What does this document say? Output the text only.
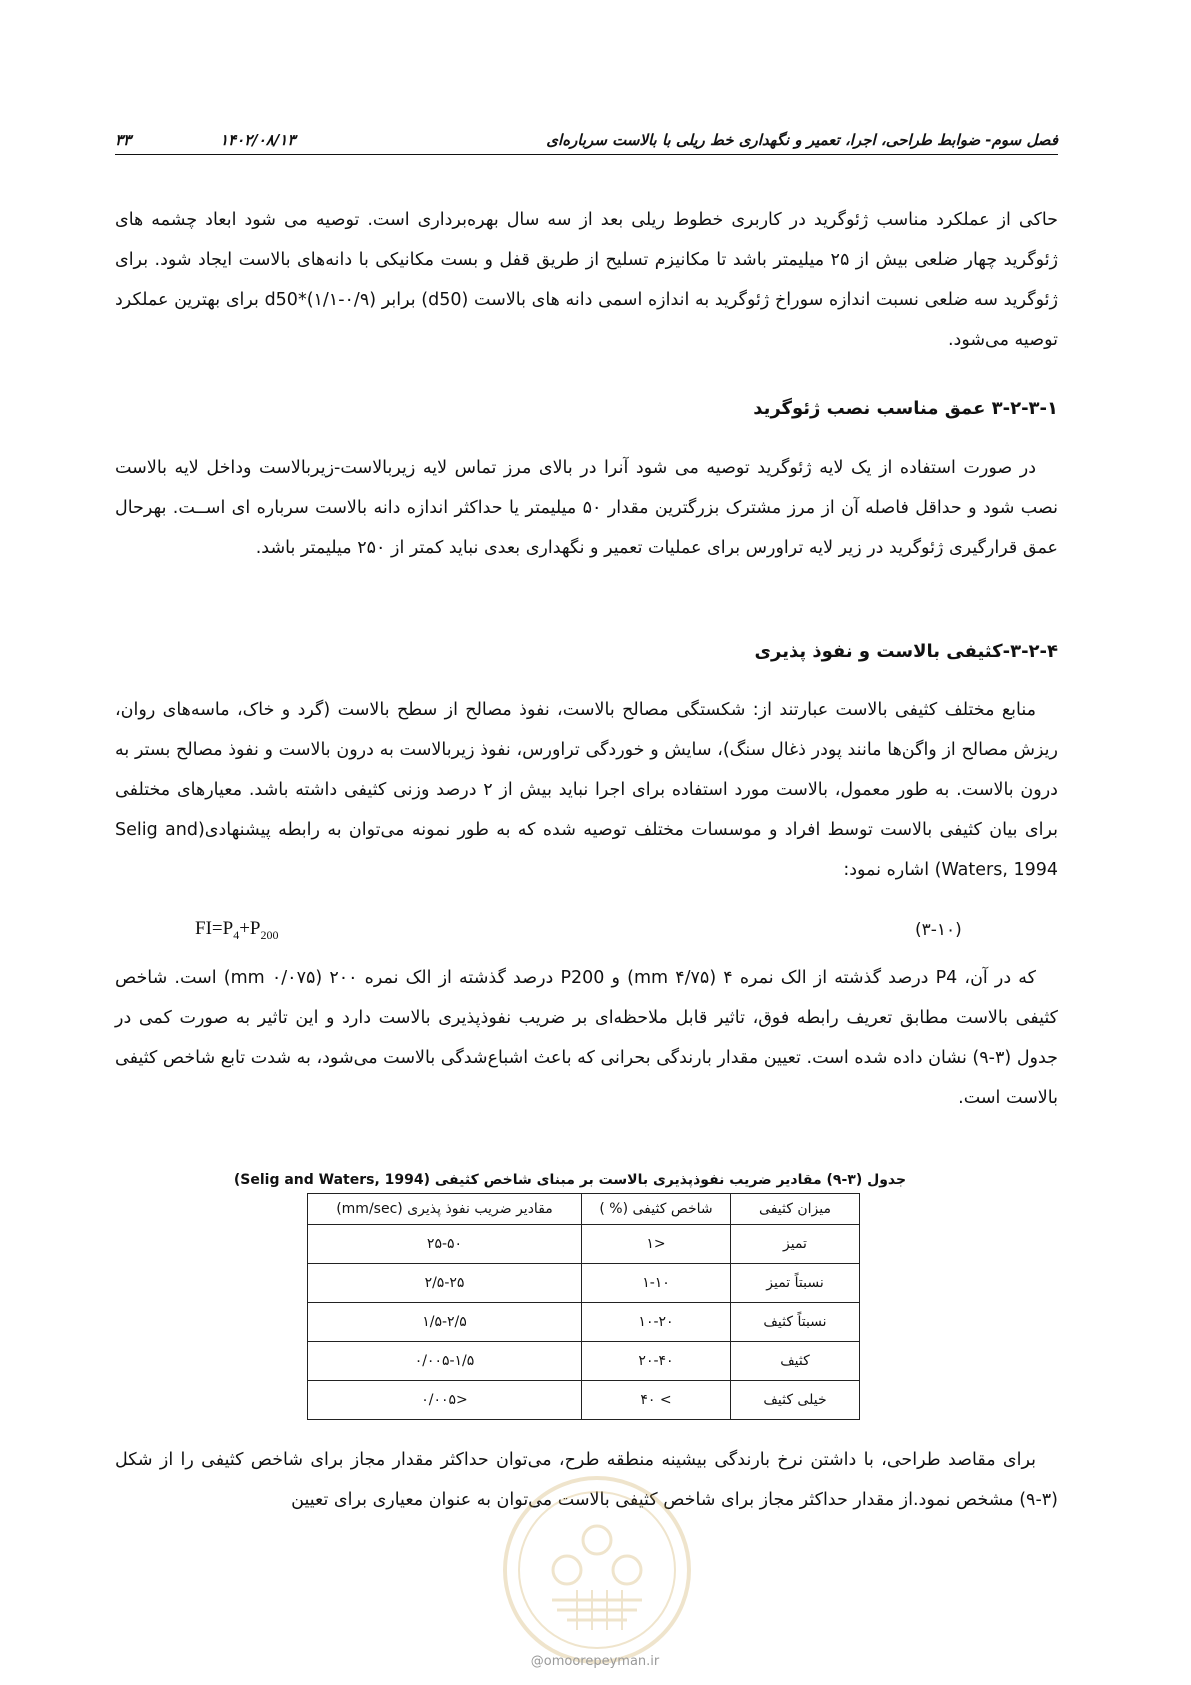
فصل سوم- ضوابط طراحی، اجرا، تعمیر و نگهداری خط ریلی با بالاست سربارە‌ای
۱۴۰۲/۰۸/۱۳
۳۳
حاکی از عملکرد مناسب ژئوگرید در کاربری خطوط ریلی بعد از سه سال بهره‌برداری است. توصیه می شود ابعاد چشمه های ژئوگرید چهار ضلعی بیش از ۲۵ میلیمتر باشد تا مکانیزم تسلیح از طریق قفل و بست مکانیکی با دانه‌های بالاست ایجاد شود. برای ژئوگرید سه ضلعی نسبت اندازه سوراخ ژئوگرید به اندازه اسمی دانه های بالاست (d50) برابر d50*(۱/۱-۰/۹) برای بهترین عملکرد توصیه می‌شود.
۳-۲-۳-۱ عمق مناسب نصب ژئوگرید
در صورت استفاده از یک لایه ژئوگرید توصیه می شود آنرا در بالای مرز تماس لایه زیربالاست-زیربالاست وداخل لایه بالاست نصب شود و حداقل فاصله آن از مرز مشترک بزرگترین مقدار ۵۰ میلیمتر یا حداکثر اندازه دانه بالاست سرباره ای اســت. بهرحال عمق قرارگیری ژئوگرید در زیر لایه تراورس برای عملیات تعمیر و نگهداری بعدی نباید کمتر از ۲۵۰ میلیمتر باشد.
۳-۲-۴-کثیفی بالاست و نفوذ پذیری
منابع مختلف کثیفی بالاست عبارتند از: شکستگی مصالح بالاست، نفوذ مصالح از سطح بالاست (گرد و خاک، ماسه‌های روان، ریزش مصالح از واگن‌ها مانند پودر ذغال سنگ)، سایش و خوردگی تراورس، نفوذ زیربالاست به درون بالاست و نفوذ مصالح بستر به درون بالاست. به طور معمول، بالاست مورد استفاده برای اجرا نباید بیش از ۲ درصد وزنی کثیفی داشته باشد. معیارهای مختلفی برای بیان کثیفی بالاست توسط افراد و موسسات مختلف توصیه شده که به طور نمونه می‌توان به رابطه پیشنهادی(Selig and Waters, 1994) اشاره نمود:
$FI=P_4+P_{200}$	(۳-۱۰)
که در آن، P4 درصد گذشته از الک نمره ۴ (۴/۷۵ mm) و P200 درصد گذشته از الک نمره ۲۰۰ (۰/۰۷۵ mm) است. شاخص کثیفی بالاست مطابق تعریف رابطه فوق، تاثیر قابل ملاحظه‌ای بر ضریب نفوذپذیری بالاست دارد و این تاثیر به صورت کمی در جدول (۳-۹) نشان داده شده است. تعیین مقدار بارندگی بحرانی که باعث اشباع‌شدگی بالاست می‌شود، به شدت تابع شاخص کثیفی بالاست است.
جدول (۳-۹) مقادیر ضریب نفوذپذیری بالاست بر مبنای شاخص کثیفی (Selig and Waters, 1994)
میزان کثیفی	شاخص کثیفی (% )	مقادیر ضریب نفوذ پذیری (mm/sec)
تمیز	<۱	۲۵-۵۰
نسبتاً تمیز	۱-۱۰	۲/۵-۲۵
نسبتاً کثیف	۱۰-۲۰	۱/۵-۲/۵
کثیف	۲۰-۴۰	۰/۰۰۵-۱/۵
خیلی کثیف	> ۴۰	<۰/۰۰۵
برای مقاصد طراحی، با داشتن نرخ بارندگی بیشینه منطقه طرح، می‌توان حداکثر مقدار مجاز برای شاخص کثیفی را از شکل (۳-۹) مشخص نمود.از مقدار حداکثر مجاز برای شاخص کثیفی بالاست می‌توان به عنوان معیاری برای تعیین
@omoorepeyman.ir
